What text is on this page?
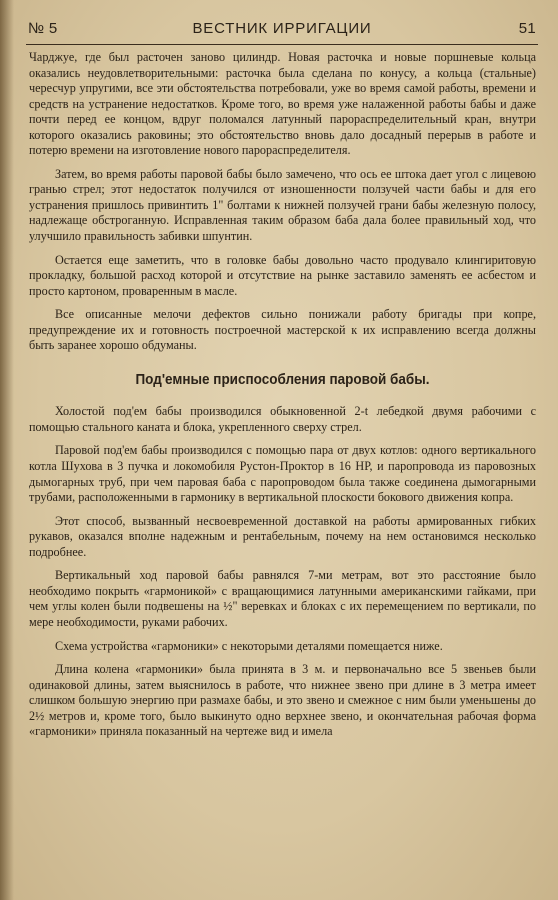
№ 5	ВЕСТНИК ИРРИГАЦИИ	51

Чарджуе, где был расточен заново цилиндр. Новая расточка и новые поршневые кольца оказались неудовлетворительными: расточка была сделана по конусу, а кольца (стальные) чересчур упругими, все эти обстоятельства потребовали, уже во время самой работы, времени и средств на устранение недостатков. Кроме того, во время уже налаженной работы бабы и даже почти перед ее концом, вдруг поломался латунный парораспределительный кран, внутри которого оказались раковины; это обстоятельство вновь дало досадный перерыв в работе и потерю времени на изготовление нового парораспределителя.

Затем, во время работы паровой бабы было замечено, что ось ее штока дает угол с лицевою гранью стрел; этот недостаток получился от изношенности ползучей части бабы и для его устранения пришлось привинтить 1" болтами к нижней ползучей грани бабы железную полосу, надлежаще обстроганную. Исправленная таким образом баба дала более правильный ход, что улучшило правильность забивки шпунтин.

Остается еще заметить, что в головке бабы довольно часто продувало клингиритовую прокладку, большой расход которой и отсутствие на рынке заставило заменять ее асбестом и просто картоном, проваренным в масле.

Все описанные мелочи дефектов сильно понижали работу бригады при копре, предупреждение их и готовность построечной мастерской к их исправлению всегда должны быть заранее хорошо обдуманы.

Под'емные приспособления паровой бабы.

Холостой под'ем бабы производился обыкновенной 2-t лебедкой двумя рабочими с помощью стального каната и блока, укрепленного сверху стрел.

Паровой под'ем бабы производился с помощью пара от двух котлов: одного вертикального котла Шухова в 3 пучка и локомобиля Рустон-Проктор в 16 НР, и паропровода из паровозных дымогарных труб, при чем паровая баба с паропроводом была также соединена дымогарными трубами, расположенными в гармонику в вертикальной плоскости бокового движения копра.

Этот способ, вызванный несвоевременной доставкой на работы армированных гибких рукавов, оказался вполне надежным и рентабельным, почему на нем остановимся несколько подробнее.

Вертикальный ход паровой бабы равнялся 7-ми метрам, вот это расстояние было необходимо покрыть «гармоникой» с вращающимися латунными американскими гайками, при чем углы колен были подвешены на ½" веревках и блоках с их перемещением по вертикали, по мере необходимости, руками рабочих.

Схема устройства «гармоники» с некоторыми деталями помещается ниже.

Длина колена «гармоники» была принята в 3 м. и первоначально все 5 звеньев были одинаковой длины, затем выяснилось в работе, что нижнее звено при длине в 3 метра имеет слишком большую энергию при размахе бабы, и это звено и смежное с ним были уменьшены до 2½ метров и, кроме того, было выкинуто одно верхнее звено, и окончательная рабочая форма «гармоники» приняла показанный на чертеже вид и имела
